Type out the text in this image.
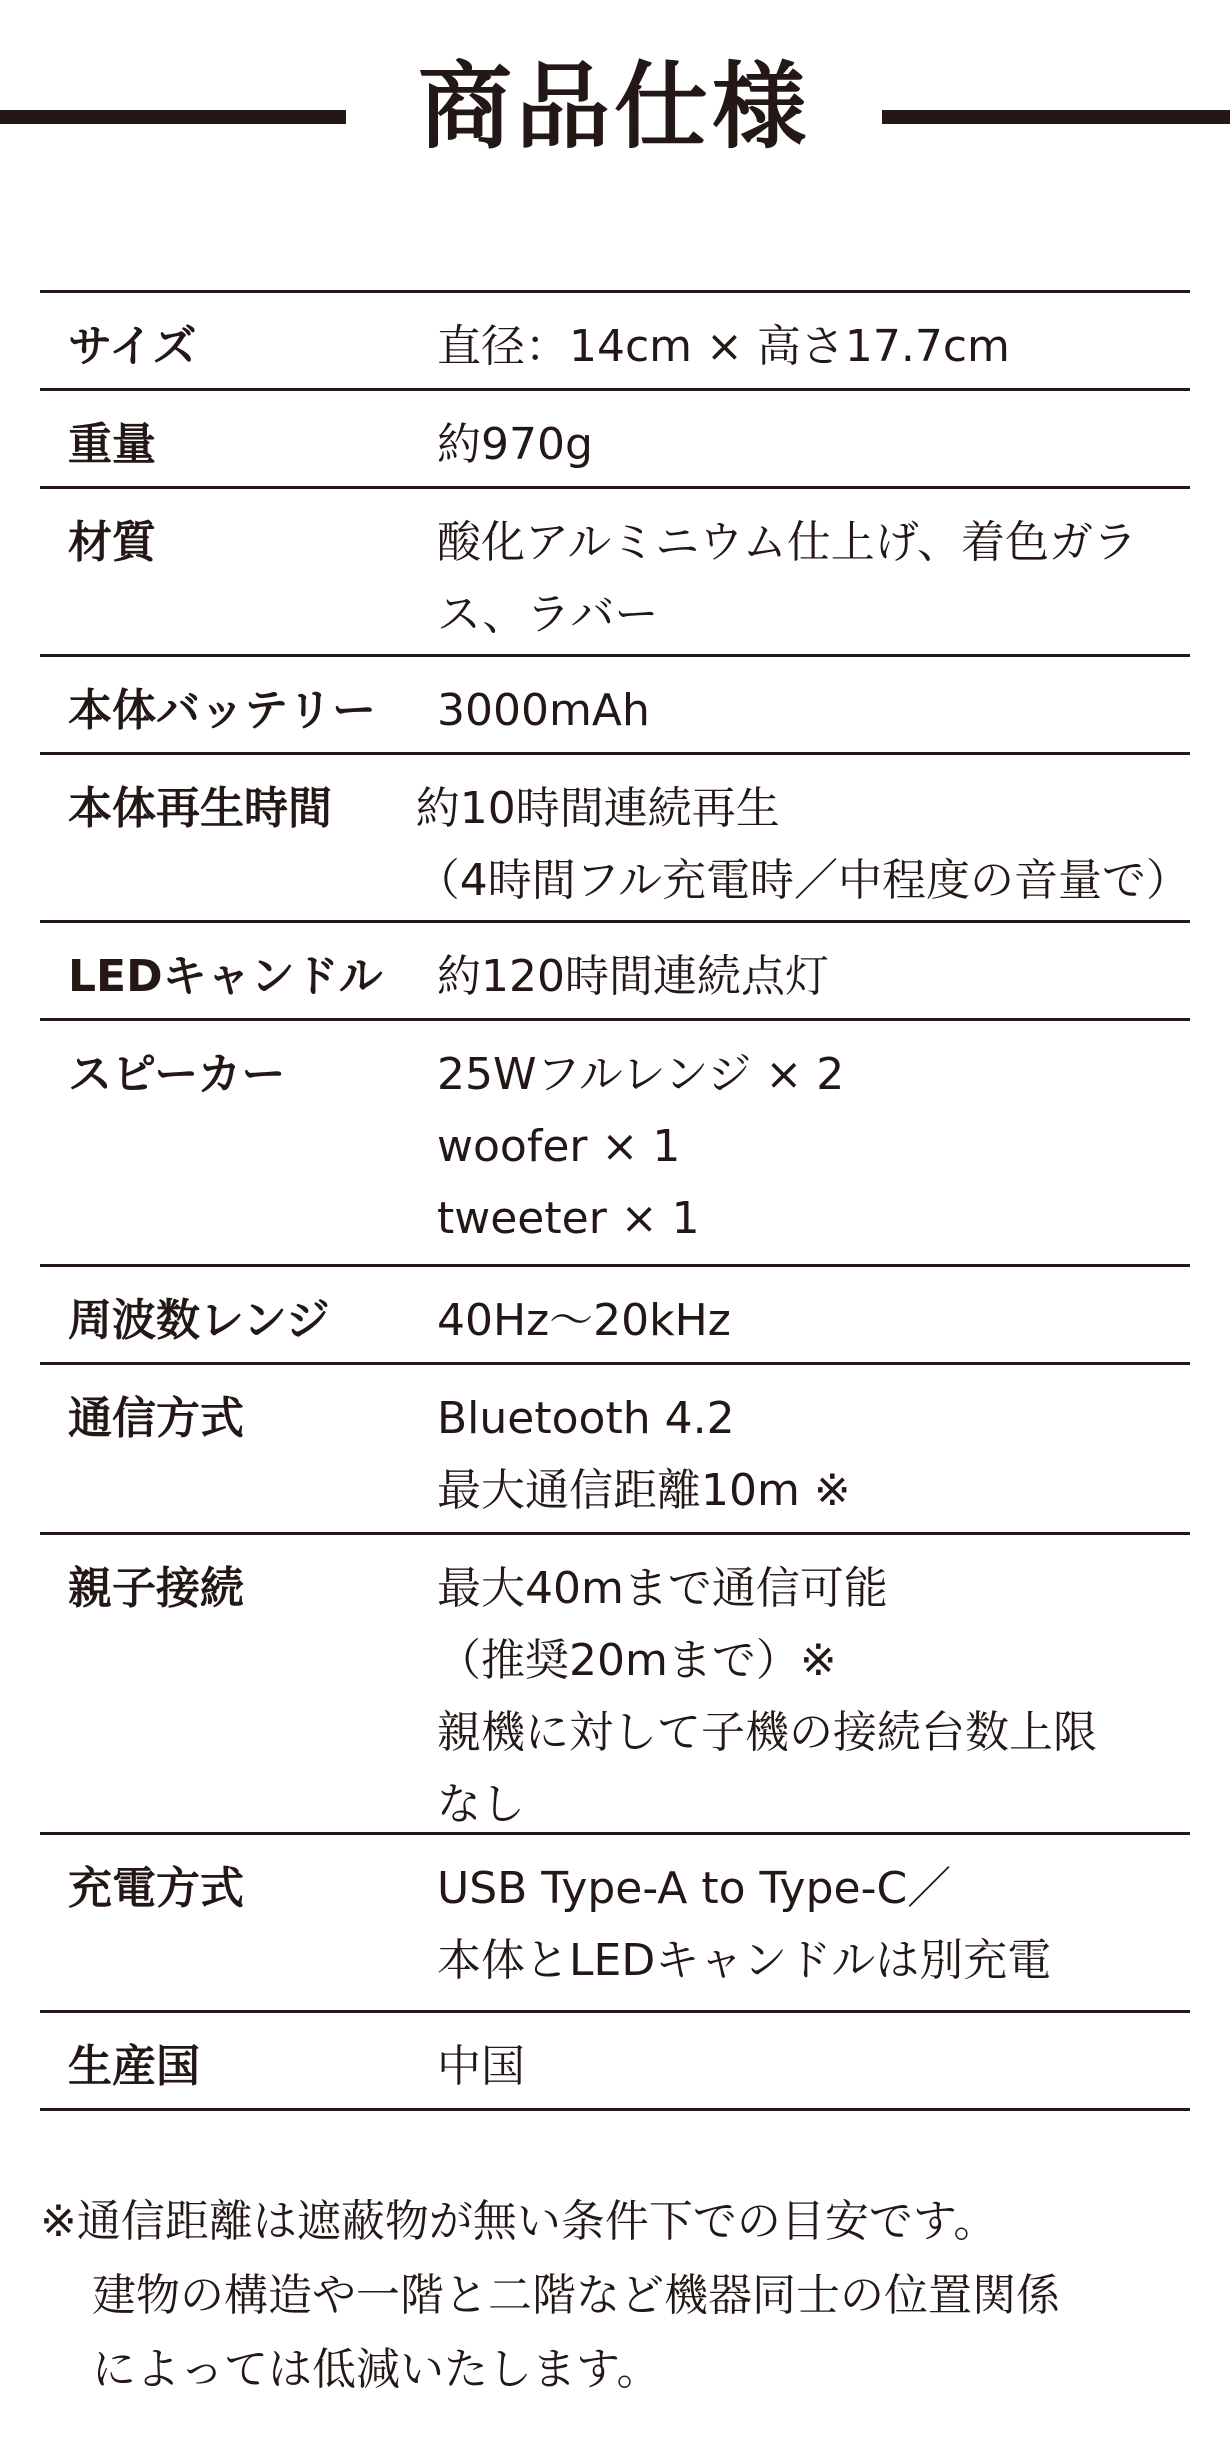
商品仕様
サイズ	直径：14cm × 高さ17.7cm
重量	約970g
材質	酸化アルミニウム仕上げ、着色ガラ
ス、ラバー
本体バッテリー	3000mAh
本体再生時間	約10時間連続再生
（4時間フル充電時／中程度の音量で）
LEDキャンドル	約120時間連続点灯
スピーカー	25Wフルレンジ × 2
woofer × 1
tweeter × 1
周波数レンジ	40Hz〜20kHz
通信方式	Bluetooth 4.2
最大通信距離10m ※
親子接続	最大40mまで通信可能
（推奨20mまで）※
親機に対して子機の接続台数上限
なし
充電方式	USB Type-A to Type-C／
本体とLEDキャンドルは別充電
生産国	中国
※通信距離は遮蔽物が無い条件下での目安です。
建物の構造や一階と二階など機器同士の位置関係
によっては低減いたします。
